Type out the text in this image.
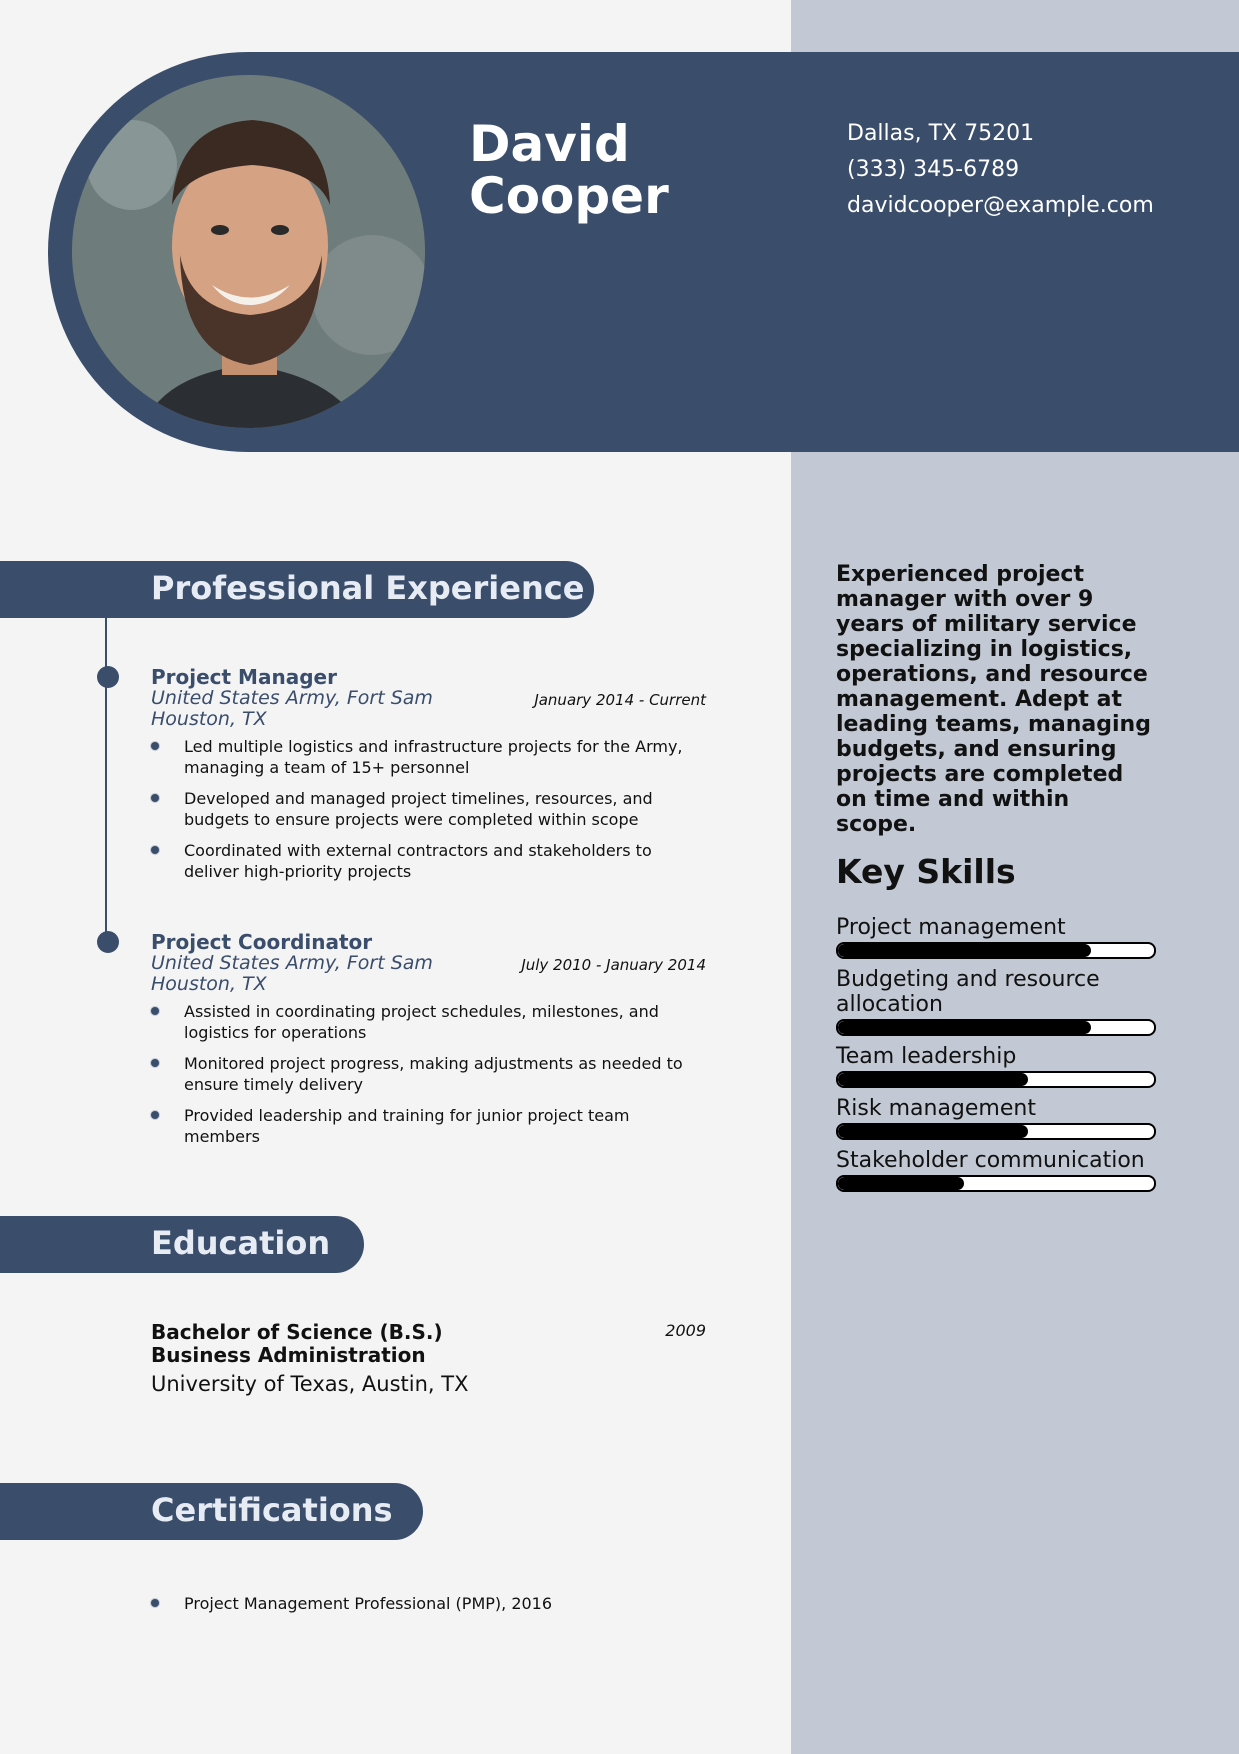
David
Cooper
Dallas, TX 75201
(333) 345-6789
davidcooper@example.com
Professional Experience
Project Manager
January 2014 - Current
United States Army, Fort Sam Houston, TX
Led multiple logistics and infrastructure projects for the Army, managing a team of 15+ personnel
Developed and managed project timelines, resources, and budgets to ensure projects were completed within scope
Coordinated with external contractors and stakeholders to deliver high-priority projects
Project Coordinator
July 2010 - January 2014
United States Army, Fort Sam Houston, TX
Assisted in coordinating project schedules, milestones, and logistics for operations
Monitored project progress, making adjustments as needed to ensure timely delivery
Provided leadership and training for junior project team members
Education
Bachelor of Science (B.S.)
Business Administration
University of Texas, Austin, TX
2009
Certifications
Project Management Professional (PMP), 2016

Experienced project manager with over 9 years of military service specializing in logistics, operations, and resource management. Adept at leading teams, managing budgets, and ensuring projects are completed on time and within scope.

Key Skills
Project management
Budgeting and resource allocation
Team leadership
Risk management
Stakeholder communication
